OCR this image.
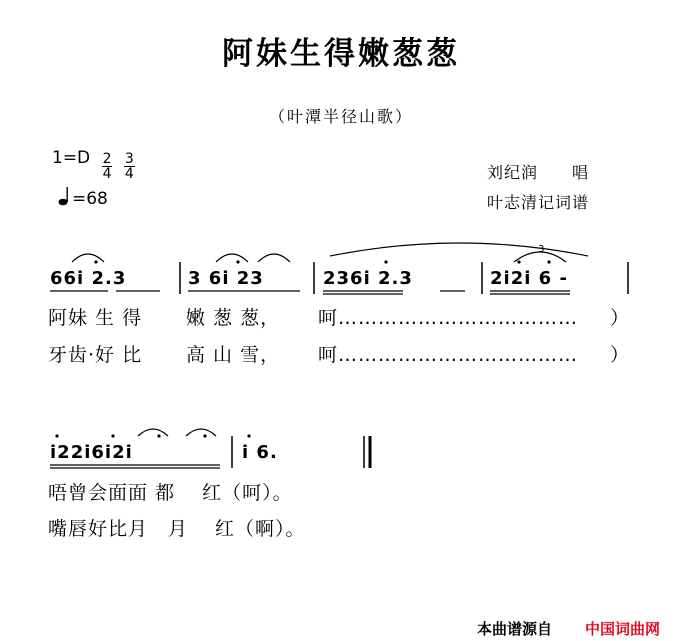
阿妹生得嫩葱葱
（叶潭半径山歌）
$1=D \frac{2}{4}$
$\frac{3}{4}$
=68
刘纪润　　唱
叶志清记词谱
66i 2.3	3 6i 23	236i 2.3	2i2i 6 -
3
阿妹 生 得 嫩 葱 葱， 呵……………………………… ）
牙齿·好 比 高 山 雪， 呵……………………………… ）
i22i6i2i	i 6.
唔曾会面面 都　 红（呵）。
嘴唇好比月　月　 红（啊）。
本曲谱源自 中国词曲网
